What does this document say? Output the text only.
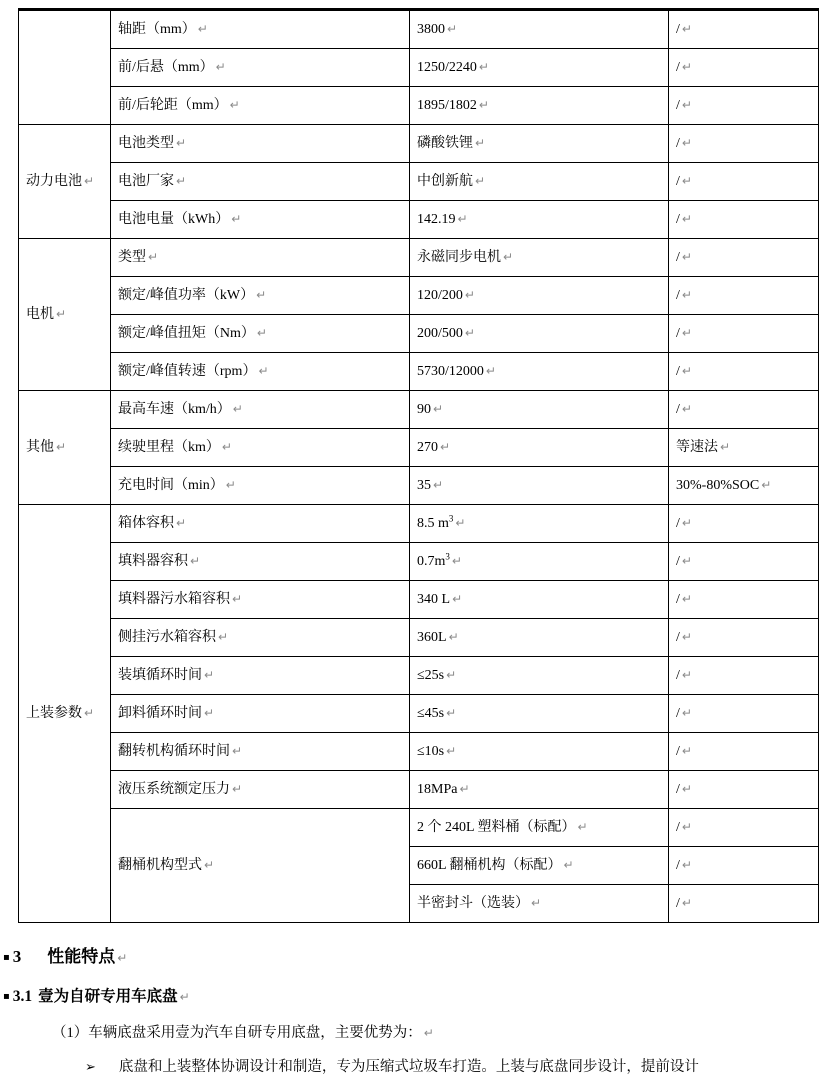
	轴距（mm） ↵	3800 ↵	/ ↵
	前/后悬（mm） ↵	1250/2240 ↵	/ ↵
	前/后轮距（mm） ↵	1895/1802 ↵	/ ↵
动力电池 ↵	电池类型 ↵	磷酸铁锂 ↵	/ ↵
	电池厂家 ↵	中创新航 ↵	/ ↵
	电池电量（kWh） ↵	142.19 ↵	/ ↵
电机 ↵	类型 ↵	永磁同步电机 ↵	/ ↵
	额定/峰值功率（kW） ↵	120/200 ↵	/ ↵
	额定/峰值扭矩（Nm） ↵	200/500 ↵	/ ↵
	额定/峰值转速（rpm） ↵	5730/12000 ↵	/ ↵
其他 ↵	最高车速（km/h） ↵	90 ↵	/ ↵
	续驶里程（km） ↵	270 ↵	等速法 ↵
	充电时间（min） ↵	35 ↵	30%-80%SOC ↵
上装参数 ↵	箱体容积 ↵	8.5 $m^3$ ↵	/ ↵
	填料器容积 ↵	$0.7m^3$ ↵	/ ↵
	填料器污水箱容积 ↵	340 L ↵	/ ↵
	侧挂污水箱容积 ↵	360L ↵	/ ↵
	装填循环时间 ↵	≤25s ↵	/ ↵
	卸料循环时间 ↵	≤45s ↵	/ ↵
	翻转机构循环时间 ↵	≤10s ↵	/ ↵
	液压系统额定压力 ↵	18MPa ↵	/ ↵
	翻桶机构型式 ↵	2 个 240L 塑料桶（标配） ↵	/ ↵
		660L 翻桶机构（标配） ↵	/ ↵
		半密封斗（选装） ↵	/ ↵
▪ 3 性能特点 ↵
▪ 3.1 壹为自研专用车底盘 ↵
（1）车辆底盘采用壹为汽车自研专用底盘，主要优势为： ↵
➢ 底盘和上装整体协调设计和制造，专为压缩式垃圾车打造。上装与底盘同步设计，提前设计
